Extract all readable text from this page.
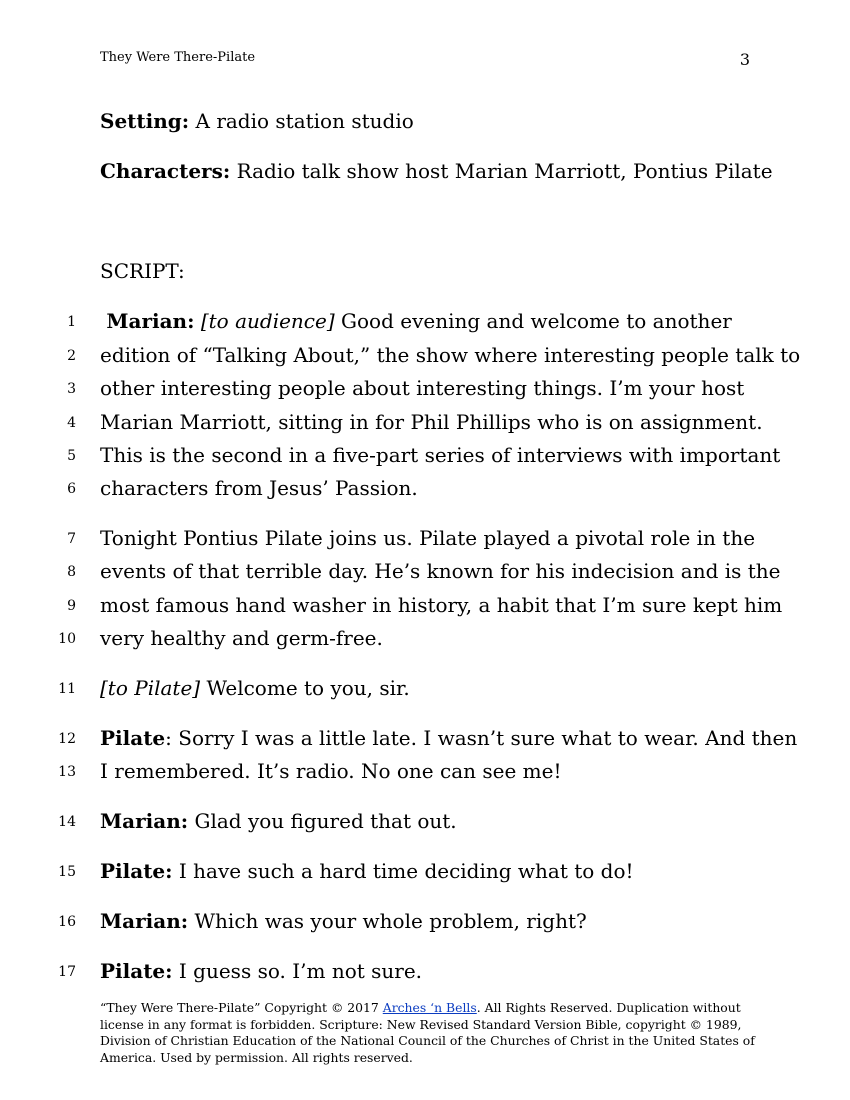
They Were There-Pilate	3
Setting: A radio station studio
Characters: Radio talk show host Marian Marriott, Pontius Pilate
SCRIPT:
1	Marian: [to audience] Good evening and welcome to another
2 edition of “Talking About,” the show where interesting people talk to
3 other interesting people about interesting things. I’m your host
4 Marian Marriott, sitting in for Phil Phillips who is on assignment.
5 This is the second in a five-part series of interviews with important
6 characters from Jesus’ Passion.
7 Tonight Pontius Pilate joins us. Pilate played a pivotal role in the
8 events of that terrible day. He’s known for his indecision and is the
9 most famous hand washer in history, a habit that I’m sure kept him
10 very healthy and germ-free.
11 [to Pilate] Welcome to you, sir.
12 Pilate: Sorry I was a little late. I wasn’t sure what to wear. And then
13 I remembered. It’s radio. No one can see me!
14 Marian: Glad you figured that out.
15 Pilate: I have such a hard time deciding what to do!
16 Marian: Which was your whole problem, right?
17 Pilate: I guess so. I’m not sure.
“They Were There-Pilate” Copyright © 2017 Arches ‘n Bells. All Rights Reserved. Duplication without license in any format is forbidden. Scripture: New Revised Standard Version Bible, copyright © 1989, Division of Christian Education of the National Council of the Churches of Christ in the United States of America. Used by permission. All rights reserved.
